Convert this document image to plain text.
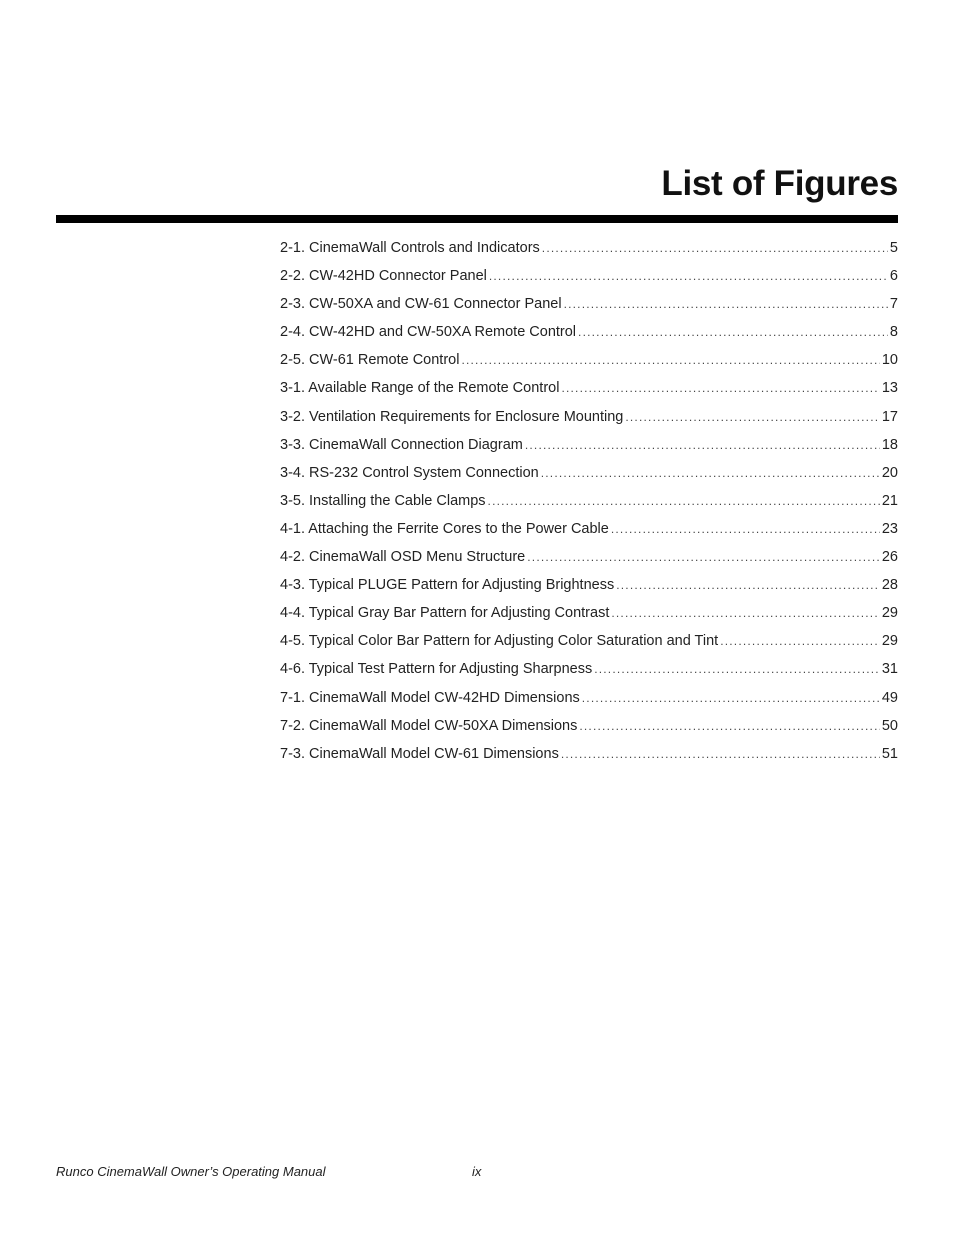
List of Figures
2-1. CinemaWall Controls and Indicators .....	5
2-2. CW-42HD Connector Panel .....	6
2-3. CW-50XA and CW-61 Connector Panel .....	7
2-4. CW-42HD and CW-50XA Remote Control .....	8
2-5. CW-61 Remote Control .....	10
3-1. Available Range of the Remote Control .....	13
3-2. Ventilation Requirements for Enclosure Mounting .....	17
3-3. CinemaWall Connection Diagram .....	18
3-4. RS-232 Control System Connection .....	20
3-5. Installing the Cable Clamps .....	21
4-1. Attaching the Ferrite Cores to the Power Cable .....	23
4-2. CinemaWall OSD Menu Structure .....	26
4-3. Typical PLUGE Pattern for Adjusting Brightness .....	28
4-4. Typical Gray Bar Pattern for Adjusting Contrast .....	29
4-5. Typical Color Bar Pattern for Adjusting Color Saturation and Tint .....	29
4-6. Typical Test Pattern for Adjusting Sharpness .....	31
7-1. CinemaWall Model CW-42HD Dimensions .....	49
7-2. CinemaWall Model CW-50XA Dimensions .....	50
7-3. CinemaWall Model CW-61 Dimensions .....	51
Runco CinemaWall Owner’s Operating Manual	ix
